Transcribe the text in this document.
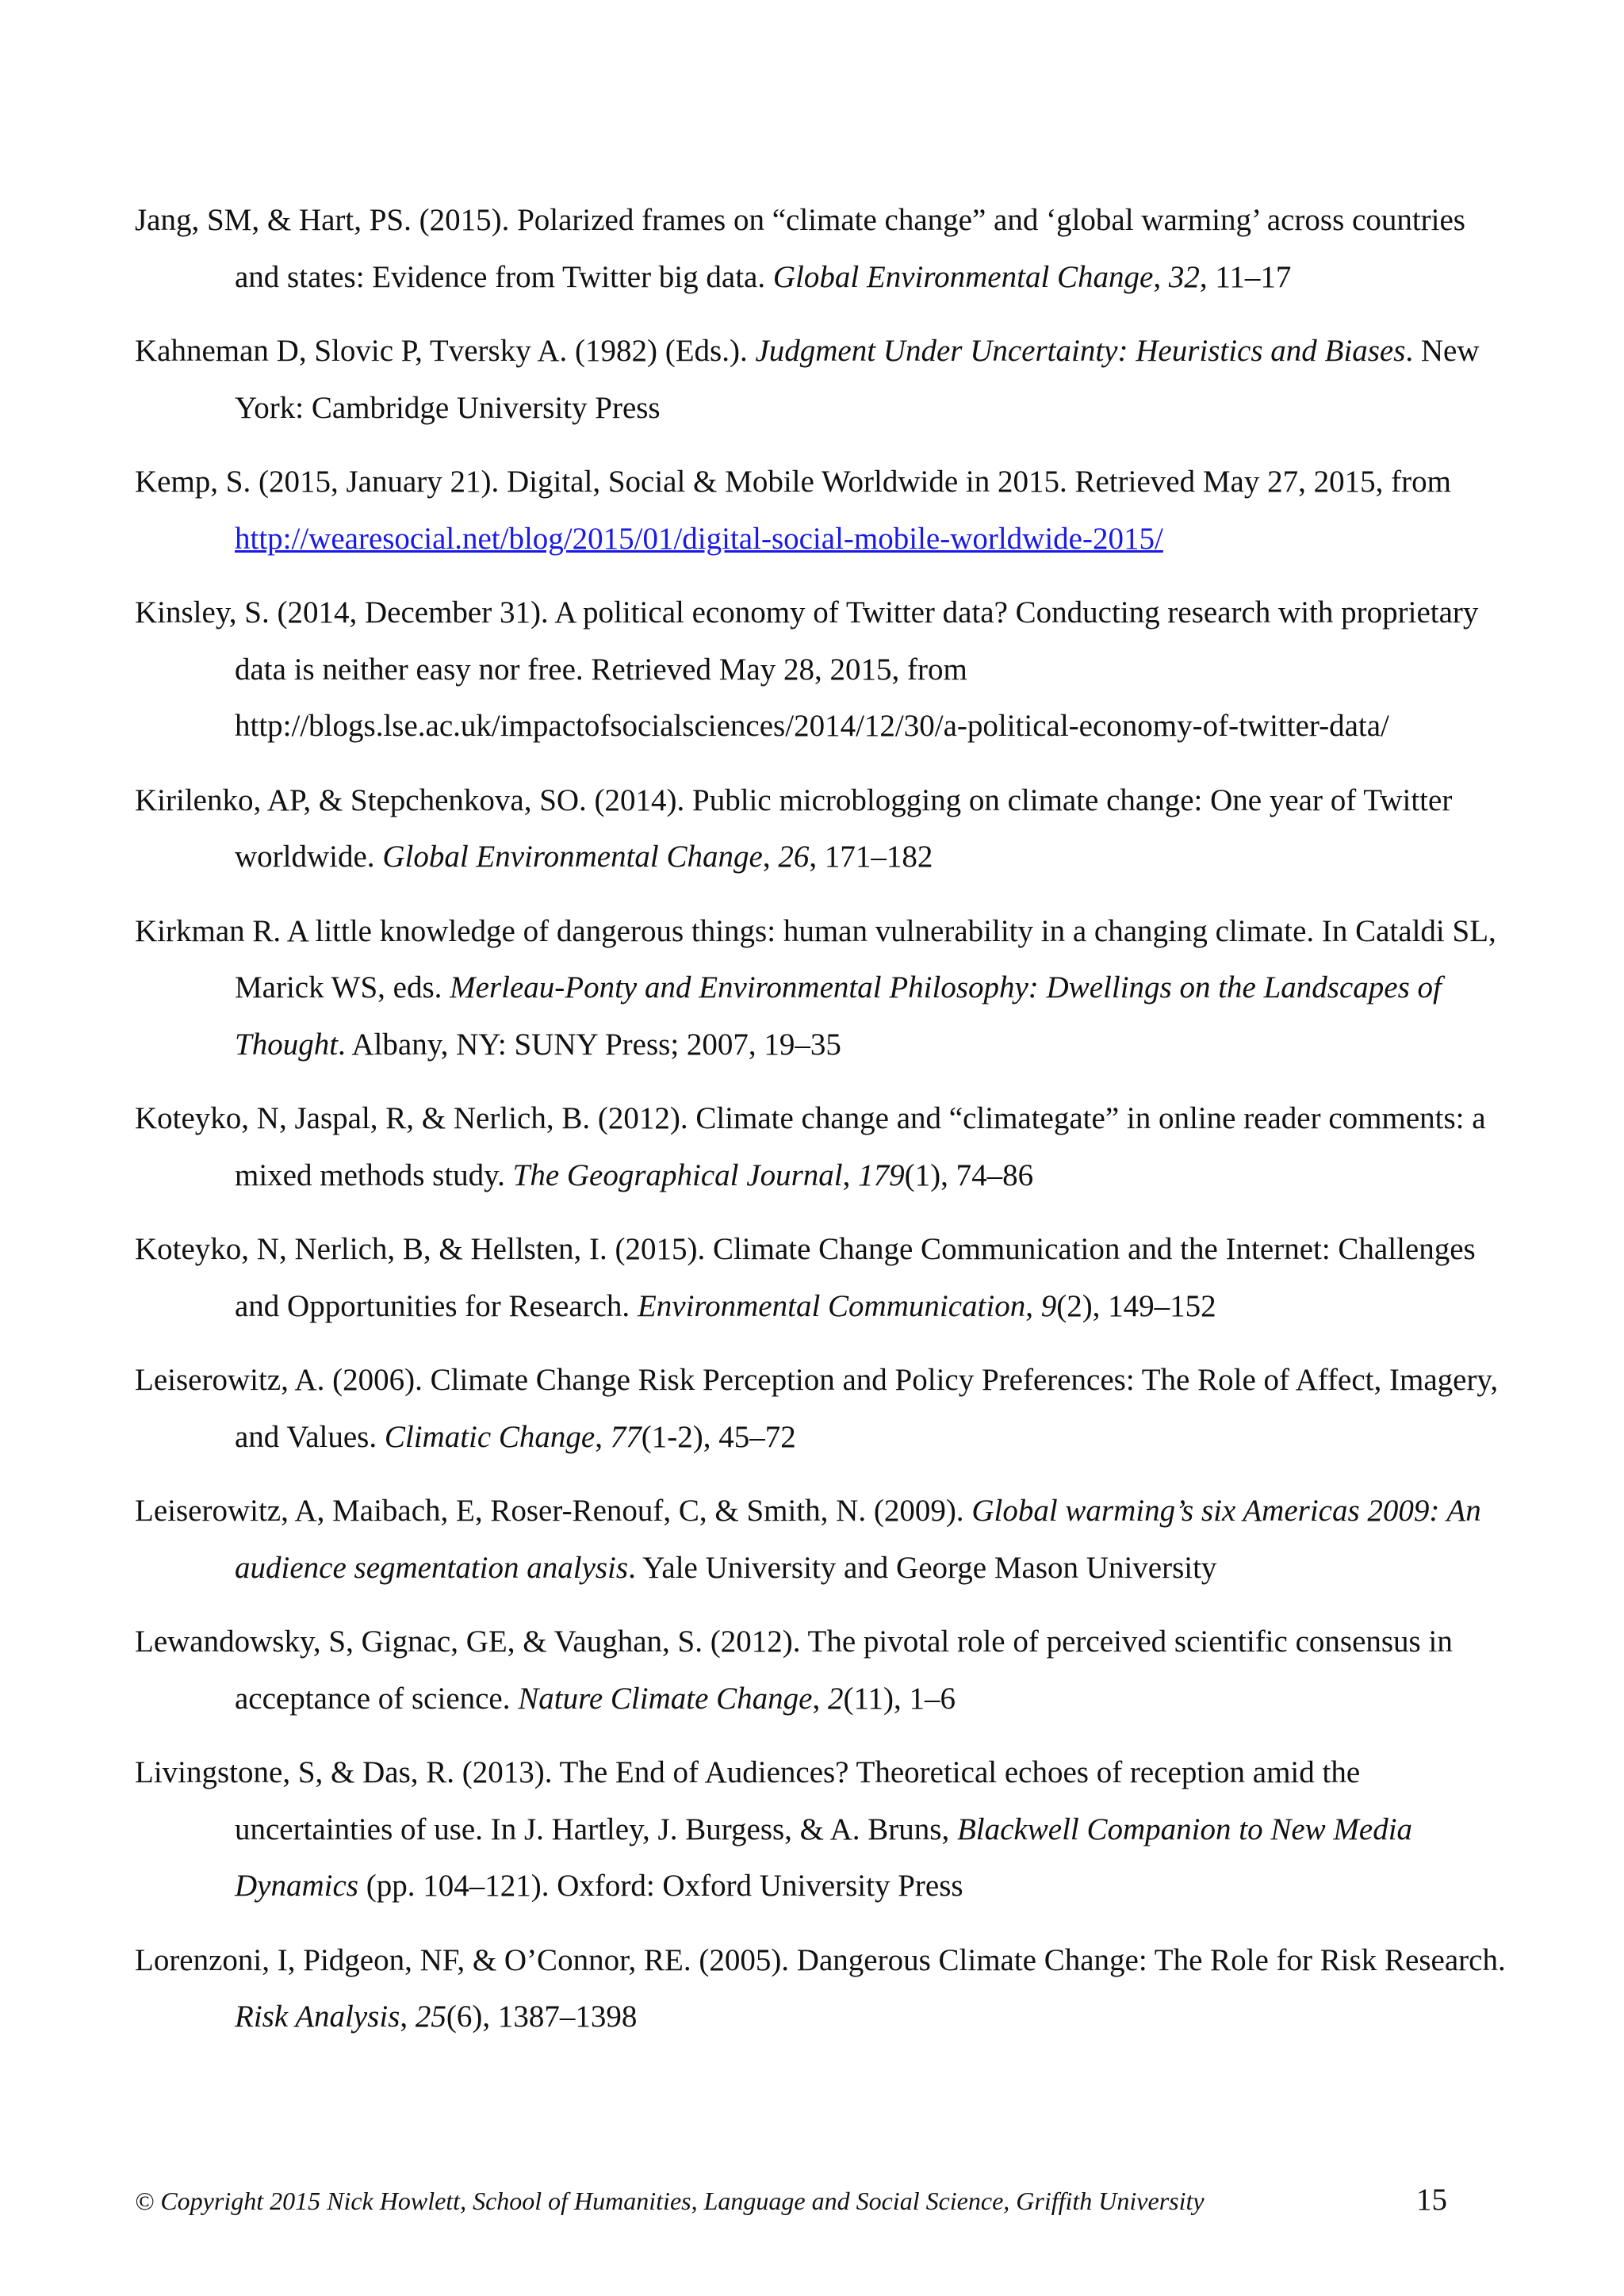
Jang, SM, & Hart, PS. (2015). Polarized frames on “climate change” and ‘global warming’ across countries and states: Evidence from Twitter big data. Global Environmental Change, 32, 11–17

Kahneman D, Slovic P, Tversky A. (1982) (Eds.). Judgment Under Uncertainty: Heuristics and Biases. New York: Cambridge University Press

Kemp, S. (2015, January 21). Digital, Social & Mobile Worldwide in 2015. Retrieved May 27, 2015, from http://wearesocial.net/blog/2015/01/digital-social-mobile-worldwide-2015/

Kinsley, S. (2014, December 31). A political economy of Twitter data? Conducting research with proprietary data is neither easy nor free. Retrieved May 28, 2015, from http://blogs.lse.ac.uk/impactofsocialsciences/2014/12/30/a-political-economy-of-twitter-data/

Kirilenko, AP, & Stepchenkova, SO. (2014). Public microblogging on climate change: One year of Twitter worldwide. Global Environmental Change, 26, 171–182

Kirkman R. A little knowledge of dangerous things: human vulnerability in a changing climate. In Cataldi SL, Marick WS, eds. Merleau-Ponty and Environmental Philosophy: Dwellings on the Landscapes of Thought. Albany, NY: SUNY Press; 2007, 19–35

Koteyko, N, Jaspal, R, & Nerlich, B. (2012). Climate change and “climategate” in online reader comments: a mixed methods study. The Geographical Journal, 179(1), 74–86

Koteyko, N, Nerlich, B, & Hellsten, I. (2015). Climate Change Communication and the Internet: Challenges and Opportunities for Research. Environmental Communication, 9(2), 149–152

Leiserowitz, A. (2006). Climate Change Risk Perception and Policy Preferences: The Role of Affect, Imagery, and Values. Climatic Change, 77(1-2), 45–72

Leiserowitz, A, Maibach, E, Roser-Renouf, C, & Smith, N. (2009). Global warming’s six Americas 2009: An audience segmentation analysis. Yale University and George Mason University

Lewandowsky, S, Gignac, GE, & Vaughan, S. (2012). The pivotal role of perceived scientific consensus in acceptance of science. Nature Climate Change, 2(11), 1–6

Livingstone, S, & Das, R. (2013). The End of Audiences? Theoretical echoes of reception amid the uncertainties of use. In J. Hartley, J. Burgess, & A. Bruns, Blackwell Companion to New Media Dynamics (pp. 104–121). Oxford: Oxford University Press

Lorenzoni, I, Pidgeon, NF, & O’Connor, RE. (2005). Dangerous Climate Change: The Role for Risk Research. Risk Analysis, 25(6), 1387–1398

© Copyright 2015 Nick Howlett, School of Humanities, Language and Social Science, Griffith University	15
